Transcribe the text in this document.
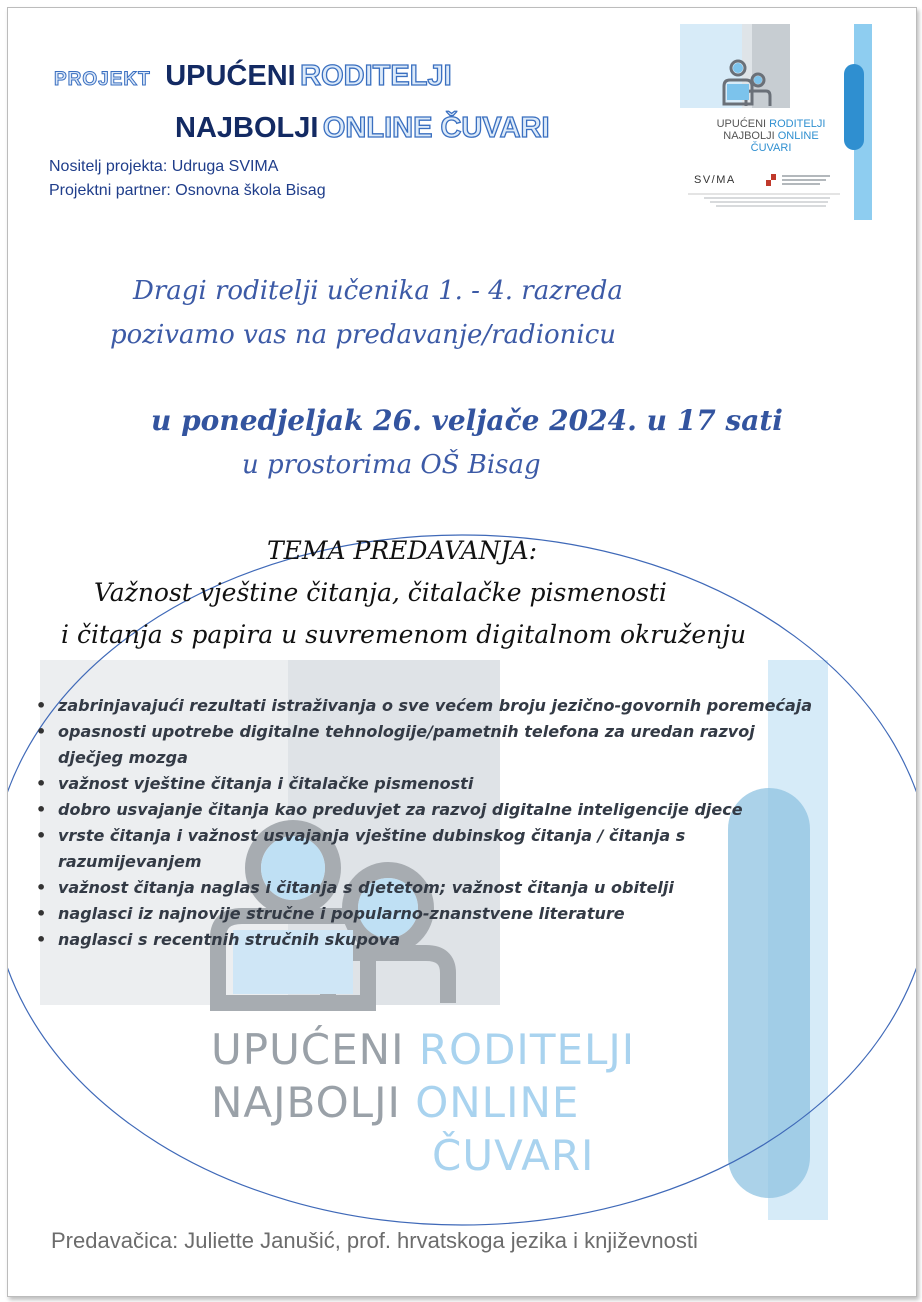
UPUĆENI RODITELJI
NAJBOLJI ONLINE
ČUVARI
PROJEKT UPUĆENI RODITELJI
NAJBOLJI ONLINE ČUVARI
Nositelj projekta: Udruga SVIMA
Projektni partner: Osnovna škola Bisag
UPUĆENI RODITELJI
NAJBOLJI ONLINE
ČUVARI
SV/MA
Dragi roditelji učenika 1. - 4. razreda
pozivamo vas na predavanje/radionicu
u ponedjeljak 26. veljače 2024. u 17 sati
u prostorima OŠ Bisag
TEMA PREDAVANJA:
Važnost vještine čitanja, čitalačke pismenosti
i čitanja s papira u suvremenom digitalnom okruženju
• zabrinjavajući rezultati istraživanja o sve većem broju jezično-govornih poremećaja
• opasnosti upotrebe digitalne tehnologije/pametnih telefona za uredan razvoj dječjeg mozga
• važnost vještine čitanja i čitalačke pismenosti
• dobro usvajanje čitanja kao preduvjet za razvoj digitalne inteligencije djece
• vrste čitanja i važnost usvajanja vještine dubinskog čitanja / čitanja s razumijevanjem
• važnost čitanja naglas i čitanja s djetetom; važnost čitanja u obitelji
• naglasci iz najnovije stručne i popularno-znanstvene literature
• naglasci s recentnih stručnih skupova
Predavačica: Juliette Janušić, prof. hrvatskoga jezika i književnosti
